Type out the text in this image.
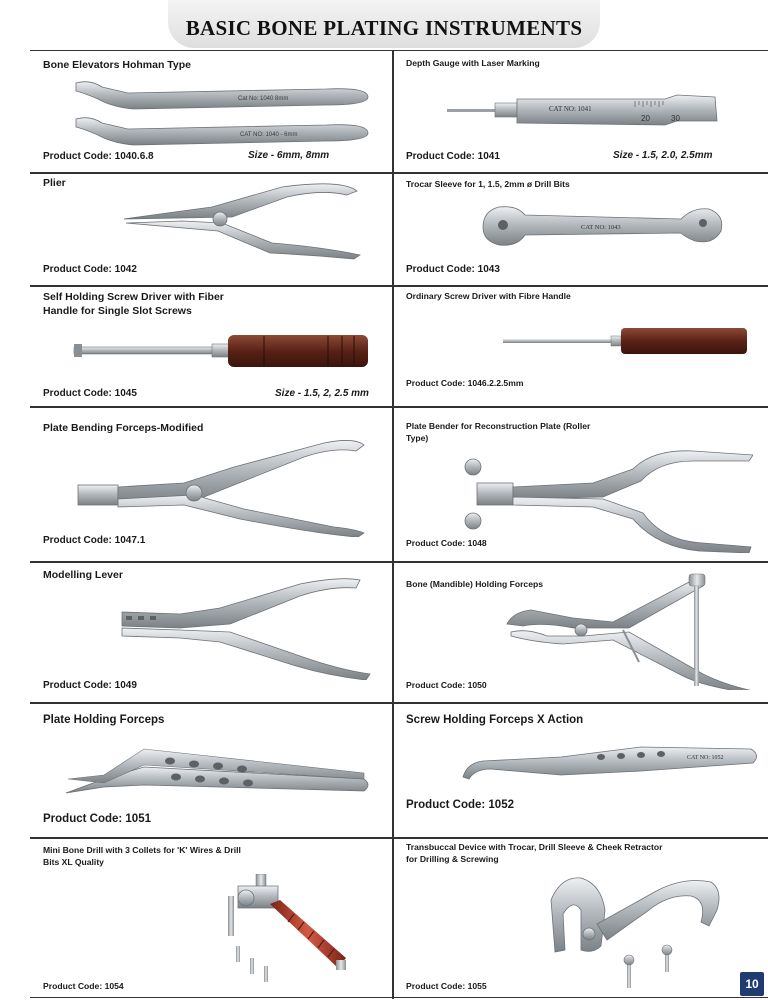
BASIC BONE PLATING INSTRUMENTS
Bone Elevators Hohman Type
Cat No: 1040 8mm
CAT NO: 1040 - 6mm
Product Code: 1040.6.8	Size - 6mm, 8mm
Depth Gauge with Laser Marking
CAT NO: 1041
20	30
Product Code: 1041	Size - 1.5, 2.0, 2.5mm
Plier
Product Code: 1042
Trocar Sleeve for 1, 1.5, 2mm ø Drill Bits
CAT NO: 1043
Product Code: 1043
Self Holding Screw Driver with Fiber Handle for Single Slot Screws
Product Code: 1045	Size - 1.5, 2, 2.5 mm
Ordinary Screw Driver with Fibre Handle
Product Code: 1046.2.2.5mm
Plate Bending Forceps-Modified
Product Code: 1047.1
Plate Bender for Reconstruction Plate (Roller Type)
Product Code: 1048
Modelling Lever
Product Code: 1049
Bone (Mandible) Holding Forceps
Product Code: 1050
Plate Holding Forceps
Product Code: 1051
Screw Holding Forceps X Action
CAT NO: 1052
Product Code: 1052
Mini Bone Drill with 3 Collets for 'K' Wires & Drill Bits XL Quality
Product Code: 1054
Transbuccal Device with Trocar, Drill Sleeve & Cheek Retractor for Drilling & Screwing
Product Code: 1055	10
